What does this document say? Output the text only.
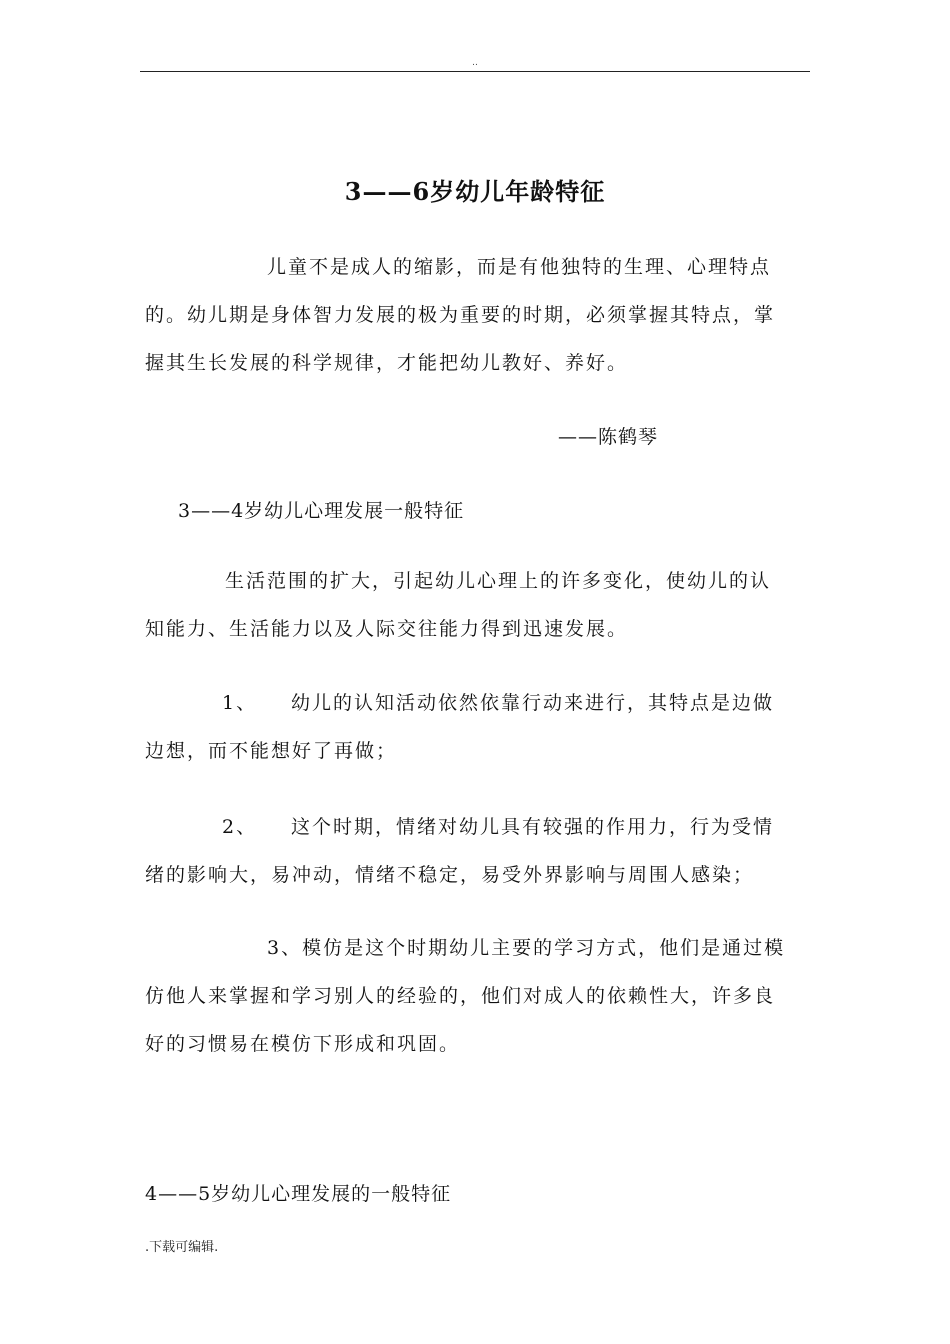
..
3——6岁幼儿年龄特征
儿童不是成人的缩影，而是有他独特的生理、心理特点
的。幼儿期是身体智力发展的极为重要的时期，必须掌握其特点，掌
握其生长发展的科学规律，才能把幼儿教好、养好。
——陈鹤琴
3——4岁幼儿心理发展一般特征
生活范围的扩大，引起幼儿心理上的许多变化，使幼儿的认
知能力、生活能力以及人际交往能力得到迅速发展。
1、 幼儿的认知活动依然依靠行动来进行，其特点是边做
边想，而不能想好了再做；
2、 这个时期，情绪对幼儿具有较强的作用力，行为受情
绪的影响大，易冲动，情绪不稳定，易受外界影响与周围人感染；
3、模仿是这个时期幼儿主要的学习方式，他们是通过模
仿他人来掌握和学习别人的经验的，他们对成人的依赖性大，许多良
好的习惯易在模仿下形成和巩固。
4——5岁幼儿心理发展的一般特征
.下载可编辑.
